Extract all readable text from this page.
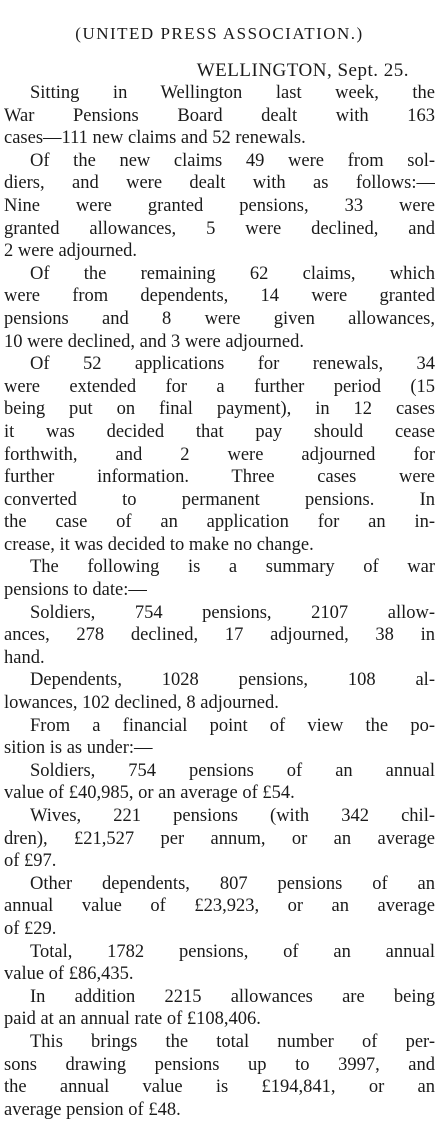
(UNITED PRESS ASSOCIATION.)
WELLINGTON, Sept. 25.
Sitting in Wellington last week, the
War Pensions Board dealt with 163
cases—111 new claims and 52 renewals.
Of the new claims 49 were from sol-
diers, and were dealt with as follows:—
Nine were granted pensions, 33 were
granted allowances, 5 were declined, and
2 were adjourned.
Of the remaining 62 claims, which
were from dependents, 14 were granted
pensions and 8 were given allowances,
10 were declined, and 3 were adjourned.
Of 52 applications for renewals, 34
were extended for a further period (15
being put on final payment), in 12 cases
it was decided that pay should cease
forthwith, and 2 were adjourned for
further information. Three cases were
converted to permanent pensions. In
the case of an application for an in-
crease, it was decided to make no change.
The following is a summary of war
pensions to date:—
Soldiers, 754 pensions, 2107 allow-
ances, 278 declined, 17 adjourned, 38 in
hand.
Dependents, 1028 pensions, 108 al-
lowances, 102 declined, 8 adjourned.
From a financial point of view the po-
sition is as under:—
Soldiers, 754 pensions of an annual
value of £40,985, or an average of £54.
Wives, 221 pensions (with 342 chil-
dren), £21,527 per annum, or an average
of £97.
Other dependents, 807 pensions of an
annual value of £23,923, or an average
of £29.
Total, 1782 pensions, of an annual
value of £86,435.
In addition 2215 allowances are being
paid at an annual rate of £108,406.
This brings the total number of per-
sons drawing pensions up to 3997, and
the annual value is £194,841, or an
average pension of £48.
